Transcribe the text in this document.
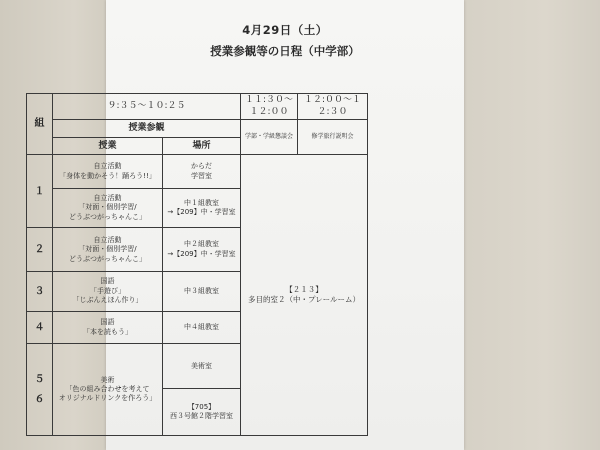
4月29日（土）
授業参観等の日程（中学部）
組	９:３５〜１０:２５		１１:３０〜１２:００	１２:００〜１２:３０
	授業参観		学部・学級懇談会	修学旅行説明会
	授業	場所		
１	自立活動
「身体を動かそう！踊ろう!!」	からだ
学習室	【２１３】
多目的室２（中・プレールーム）	

	自立活動
「対面・個別学習/
どうぶつがっちゃんこ」	中１組教室
→【209】中・学習室		

２	自立活動
「対面・個別学習/
どうぶつがっちゃんこ」	中２組教室
→【209】中・学習室		

３	国語
「手遊び」
「じぶんえほん作り」	中３組教室		

４	国語
「本を読もう」	中４組教室		

５
６	美術
「色の組み合わせを考えて
オリジナルドリンクを作ろう」	美術室		

		【705】
西３号館２階学習室		
